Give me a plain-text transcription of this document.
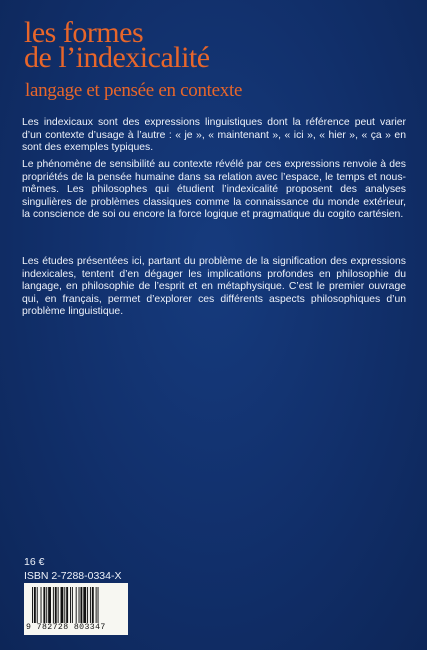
les formes
de l’indexicalité
langage et pensée en contexte
Les indexicaux sont des expressions linguistiques dont la référence peut varier d’un contexte d’usage à l’autre : « je », « maintenant », « ici », « hier », « ça » en sont des exemples typiques.
Le phénomène de sensibilité au contexte révélé par ces expressions renvoie à des propriétés de la pensée humaine dans sa relation avec l’espace, le temps et nous-mêmes. Les philosophes qui étudient l’indexicalité proposent des analyses singulières de problèmes classiques comme la connaissance du monde extérieur, la conscience de soi ou encore la force logique et pragmatique du cogito cartésien.
Les études présentées ici, partant du problème de la signification des expressions indexicales, tentent d’en dégager les implications profondes en philosophie du langage, en philosophie de l’esprit et en métaphysique. C’est le premier ouvrage qui, en français, permet d’explorer ces différents aspects philosophiques d’un problème linguistique.
16 €
ISBN 2-7288-0334-X
9 782728 803347
